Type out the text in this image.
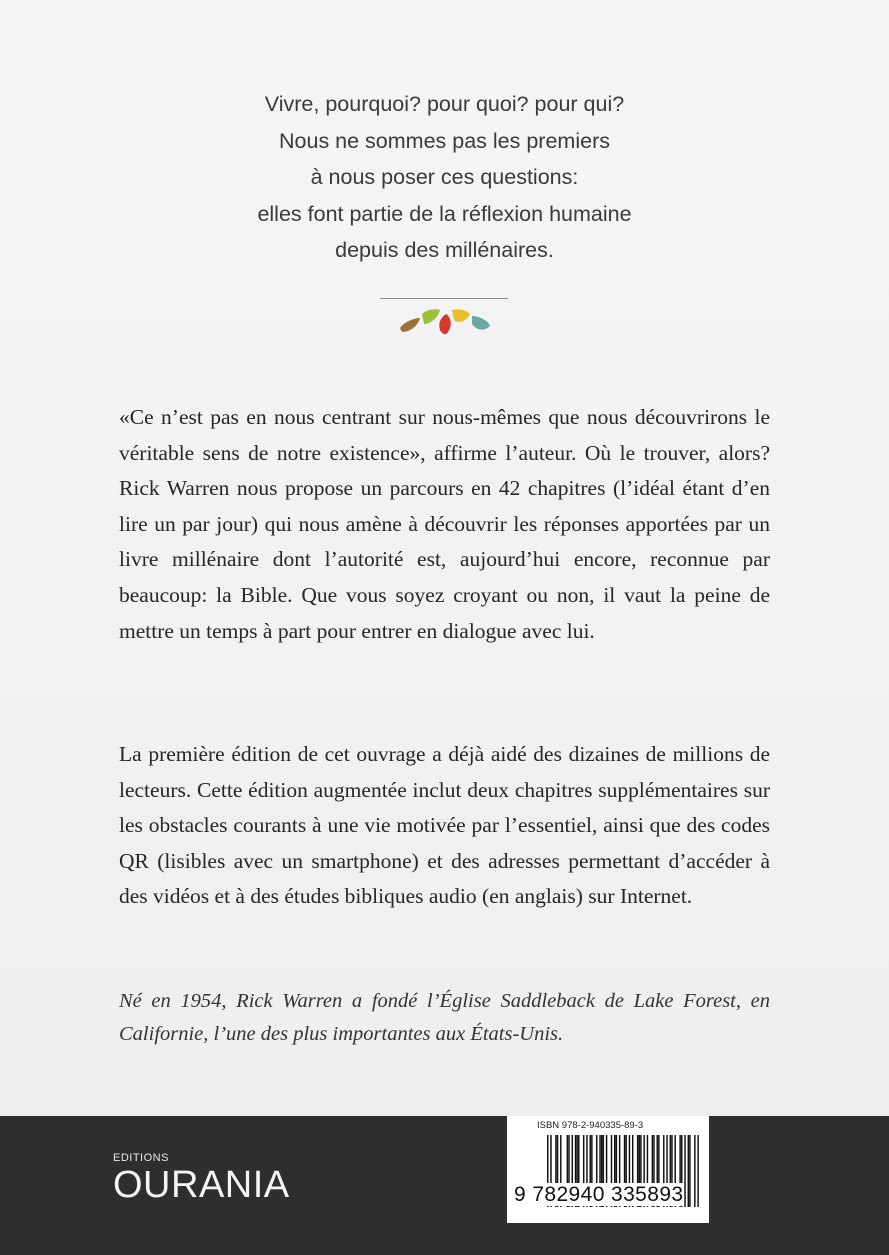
Vivre, pourquoi? pour quoi? pour qui?
Nous ne sommes pas les premiers
à nous poser ces questions:
elles font partie de la réflexion humaine
depuis des millénaires.
«Ce n’est pas en nous centrant sur nous-mêmes que nous découvrirons le véritable sens de notre existence», affirme l’auteur. Où le trouver, alors? Rick Warren nous propose un parcours en 42 chapitres (l’idéal étant d’en lire un par jour) qui nous amène à découvrir les réponses apportées par un livre millénaire dont l’autorité est, aujourd’hui encore, reconnue par beaucoup: la Bible. Que vous soyez croyant ou non, il vaut la peine de mettre un temps à part pour entrer en dialogue avec lui.
La première édition de cet ouvrage a déjà aidé des dizaines de millions de lecteurs. Cette édition augmentée inclut deux chapitres supplémentaires sur les obstacles courants à une vie motivée par l’essentiel, ainsi que des codes QR (lisibles avec un smartphone) et des adresses permettant d’accéder à des vidéos et à des études bibliques audio (en anglais) sur Internet.
Né en 1954, Rick Warren a fondé l’Église Saddleback de Lake Forest, en Californie, l’une des plus importantes aux États-Unis.
EDITIONS
OURANIA
ISBN 978-2-940335-89-3
9 782940 335893
